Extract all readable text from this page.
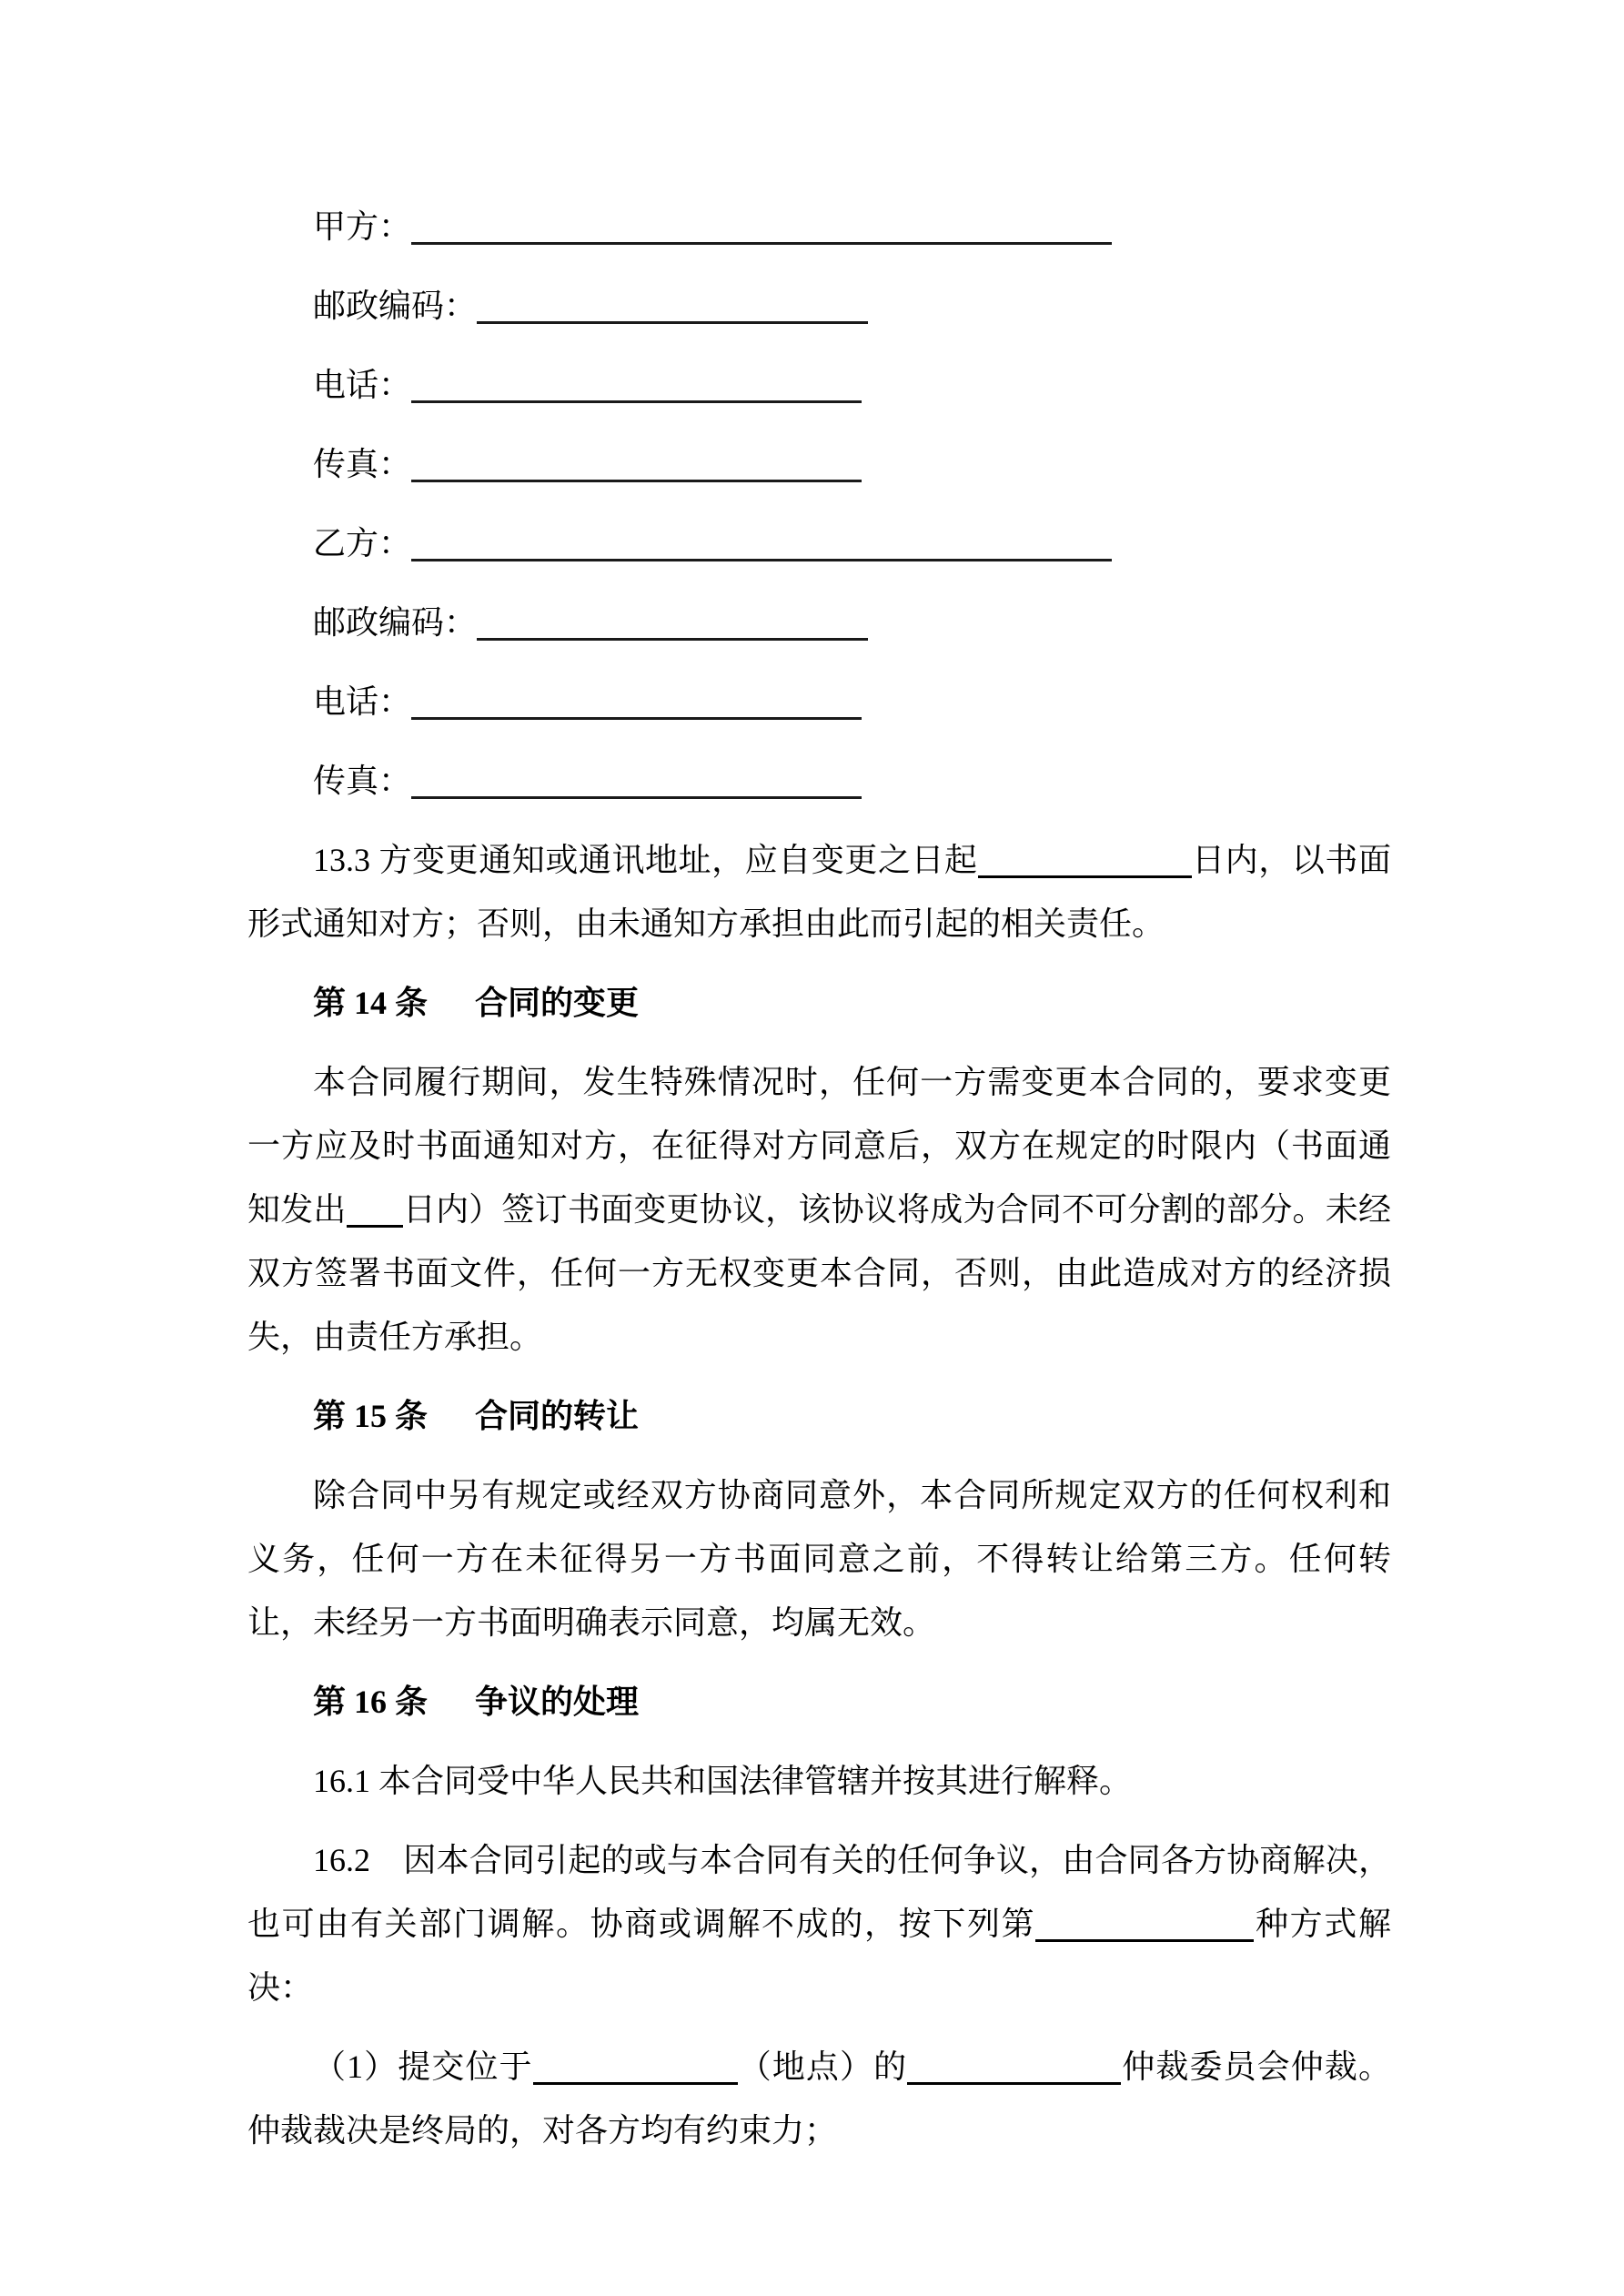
甲方：
邮政编码：
电话：
传真：
乙方：
邮政编码：
电话：
传真：
13.3 方变更通知或通讯地址，应自变更之日起	日内，以书面形式通知对方；否则，由未通知方承担由此而引起的相关责任。
第 14 条 合同的变更
本合同履行期间，发生特殊情况时，任何一方需变更本合同的，要求变更一方应及时书面通知对方，在征得对方同意后，双方在规定的时限内（书面通知发出 日内）签订书面变更协议，该协议将成为合同不可分割的部分。未经双方签署书面文件，任何一方无权变更本合同，否则，由此造成对方的经济损失，由责任方承担。
第 15 条 合同的转让
除合同中另有规定或经双方协商同意外，本合同所规定双方的任何权利和义务，任何一方在未征得另一方书面同意之前，不得转让给第三方。任何转让，未经另一方书面明确表示同意，均属无效。
第 16 条 争议的处理
16.1 本合同受中华人民共和国法律管辖并按其进行解释。
16.2　因本合同引起的或与本合同有关的任何争议，由合同各方协商解决，也可由有关部门调解。协商或调解不成的，按下列第	种方式解决：
（1）提交位于	（地点）的	仲裁委员会仲裁。仲裁裁决是终局的，对各方均有约束力；
